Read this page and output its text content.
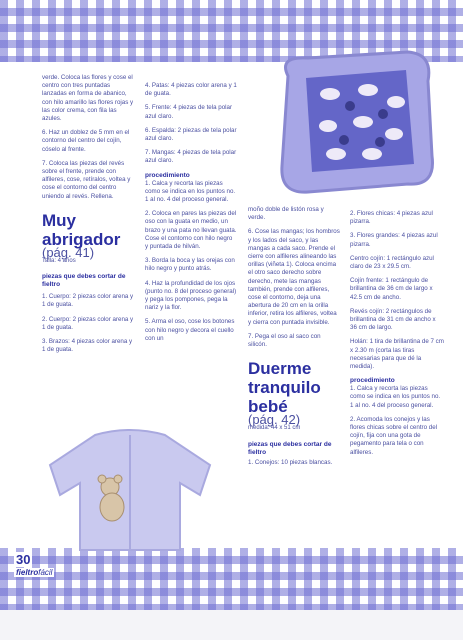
verde. Coloca las flores y cose el centro con tres puntadas lanzadas en forma de abanico, con hilo amarillo las flores rojas y las color crema, con fila las azules.

6. Haz un doblez de 5 mm en el contorno del centro del cojín, cóselo al frente.

7. Coloca las piezas del revés sobre el frente, prende con alfileres, cose, retíralos, voltea y cose el contorno del centro uniendo al revés. Rellena.

Muy abrigador
(pág. 41)
Talla: 4 años
piezas que debes cortar de fieltro

1. Cuerpo: 2 piezas color arena y 1 de guata.

2. Cuerpo: 2 piezas color arena y 1 de guata.

3. Brazos: 4 piezas color arena y 1 de guata.

4. Patas: 4 piezas color arena y 1 de guata.

5. Frente: 4 piezas de tela polar azul claro.

6. Espalda: 2 piezas de tela polar azul claro.

7. Mangas: 4 piezas de tela polar azul claro.

procedimiento

1. Calca y recorta las piezas como se indica en los puntos no. 1 al no. 4 del proceso general.

2. Coloca en pares las piezas del oso con la guata en medio, un brazo y una pata no llevan guata. Cose el contorno con hilo negro y puntada de hilván.

3. Borda la boca y las orejas con hilo negro y punto atrás.

4. Haz la profundidad de los ojos (punto no. 8 del proceso general) y pega los pompones, pega la nariz y la flor.

5. Arma el oso, cose los botones con hilo negro y decora el cuello con un

moño doble de listón rosa y verde.

6. Cose las mangas; los hombros y los lados del saco, y las mangas a cada saco. Prende el cierre con alfileres alineando las orillas (viñeta 1). Coloca encima el otro saco derecho sobre derecho, mete las mangas también, prende con alfileres, cose el contorno, deja una abertura de 20 cm en la orilla inferior, retira los alfileres, voltea y cierra con puntada invisible.

7. Pega el oso al saco con silicón.

Duerme tranquilo bebé
(pág. 42)
medida: 44 x 51 cm
piezas que debes cortar de fieltro

1. Conejos: 10 piezas blancas.

2. Flores chicas: 4 piezas azul pizarra.

3. Flores grandes: 4 piezas azul pizarra.

Centro cojín: 1 rectángulo azul claro de 23 x 29.5 cm.

Cojín frente: 1 rectángulo de brillantina de 36 cm de largo x 42.5 cm de ancho.

Revés cojín: 2 rectángulos de brillantina de 31 cm de ancho x 36 cm de largo.

Holán: 1 tira de brillantina de 7 cm x 2.30 m (corta las tiras necesarias para que dé la medida).

procedimiento

1. Calca y recorta las piezas como se indica en los puntos no. 1 al no. 4 del proceso general.

2. Acomoda los conejos y las flores chicas sobre el centro del cojín, fija con una gota de pegamento para tela o con alfileres.

30
fieltrofácil
